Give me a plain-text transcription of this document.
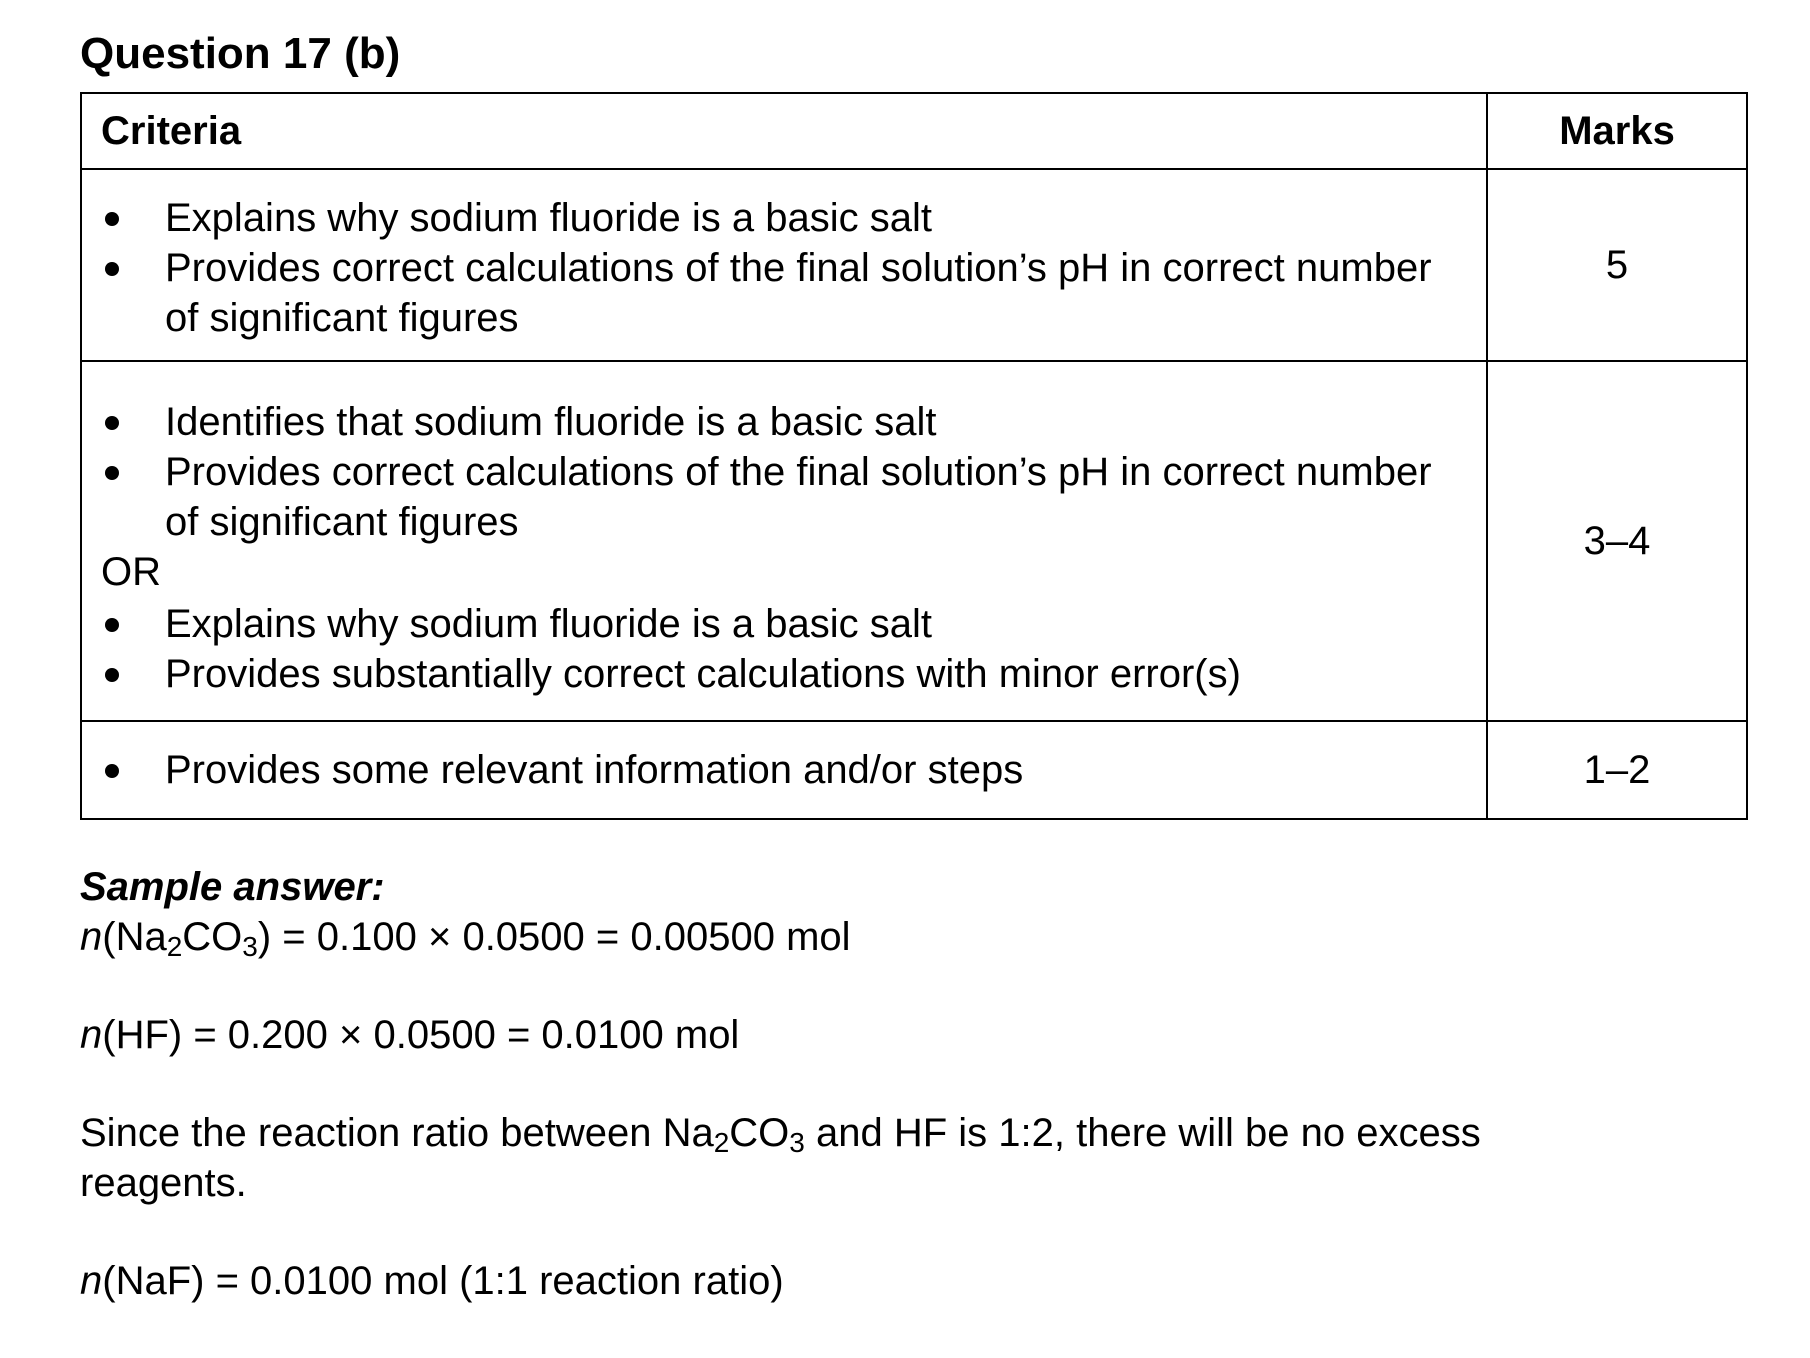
Question 17 (b)
Criteria	Marks

Explains why sodium fluoride is a basic salt
Provides correct calculations of the final solution’s pH in correct number of significant figures	5

Identifies that sodium fluoride is a basic salt
Provides correct calculations of the final solution’s pH in correct number of significant figures
OR
Explains why sodium fluoride is a basic salt
Provides substantially correct calculations with minor error(s)	3–4

Provides some relevant information and/or steps	1–2
Sample answer:
$n(Na_2CO_3) = 0.100 \times 0.0500 = 0.00500$ mol
n(HF) = 0.200 × 0.0500 = 0.0100 mol
Since the reaction ratio between $Na_2CO_3$ and HF is 1:2, there will be no excess
reagents.
n(NaF) = 0.0100 mol (1:1 reaction ratio)
